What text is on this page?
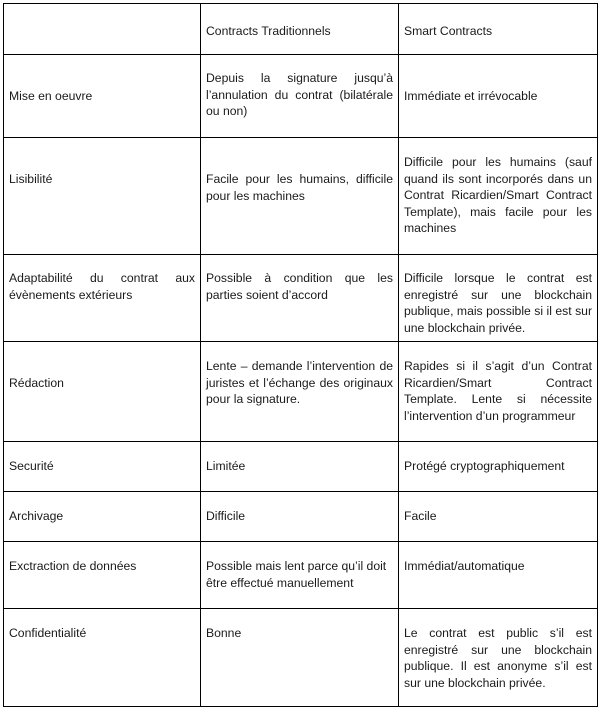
	Contracts Traditionnels	Smart Contracts

Mise en oeuvre	Depuis la signature jusqu’à l’annulation du contrat (bilatérale ou non)	Immédiate et irrévocable

Lisibilité	Facile pour les humains, difficile pour les machines	Difficile pour les humains (sauf quand ils sont incorporés dans un Contrat Ricardien/Smart Contract Template), mais facile pour les machines

Adaptabilité du contrat aux évènements extérieurs	Possible à condition que les parties soient d’accord	Difficile lorsque le contrat est enregistré sur une blockchain publique, mais possible si il est sur une blockchain privée.

Rédaction	Lente – demande l’intervention de juristes et l’échange des originaux pour la signature.	Rapides si il s’agit d’un Contrat Ricardien/Smart Contract Template. Lente si nécessite l’intervention d’un programmeur

Securité	Limitée	Protégé cryptographiquement

Archivage	Difficile	Facile

Exctraction de données	Possible mais lent parce qu’il doit être effectué manuellement	Immédiat/automatique

Confidentialité	Bonne	Le contrat est public s’il est enregistré sur une blockchain publique. Il est anonyme s’il est sur une blockchain privée.
